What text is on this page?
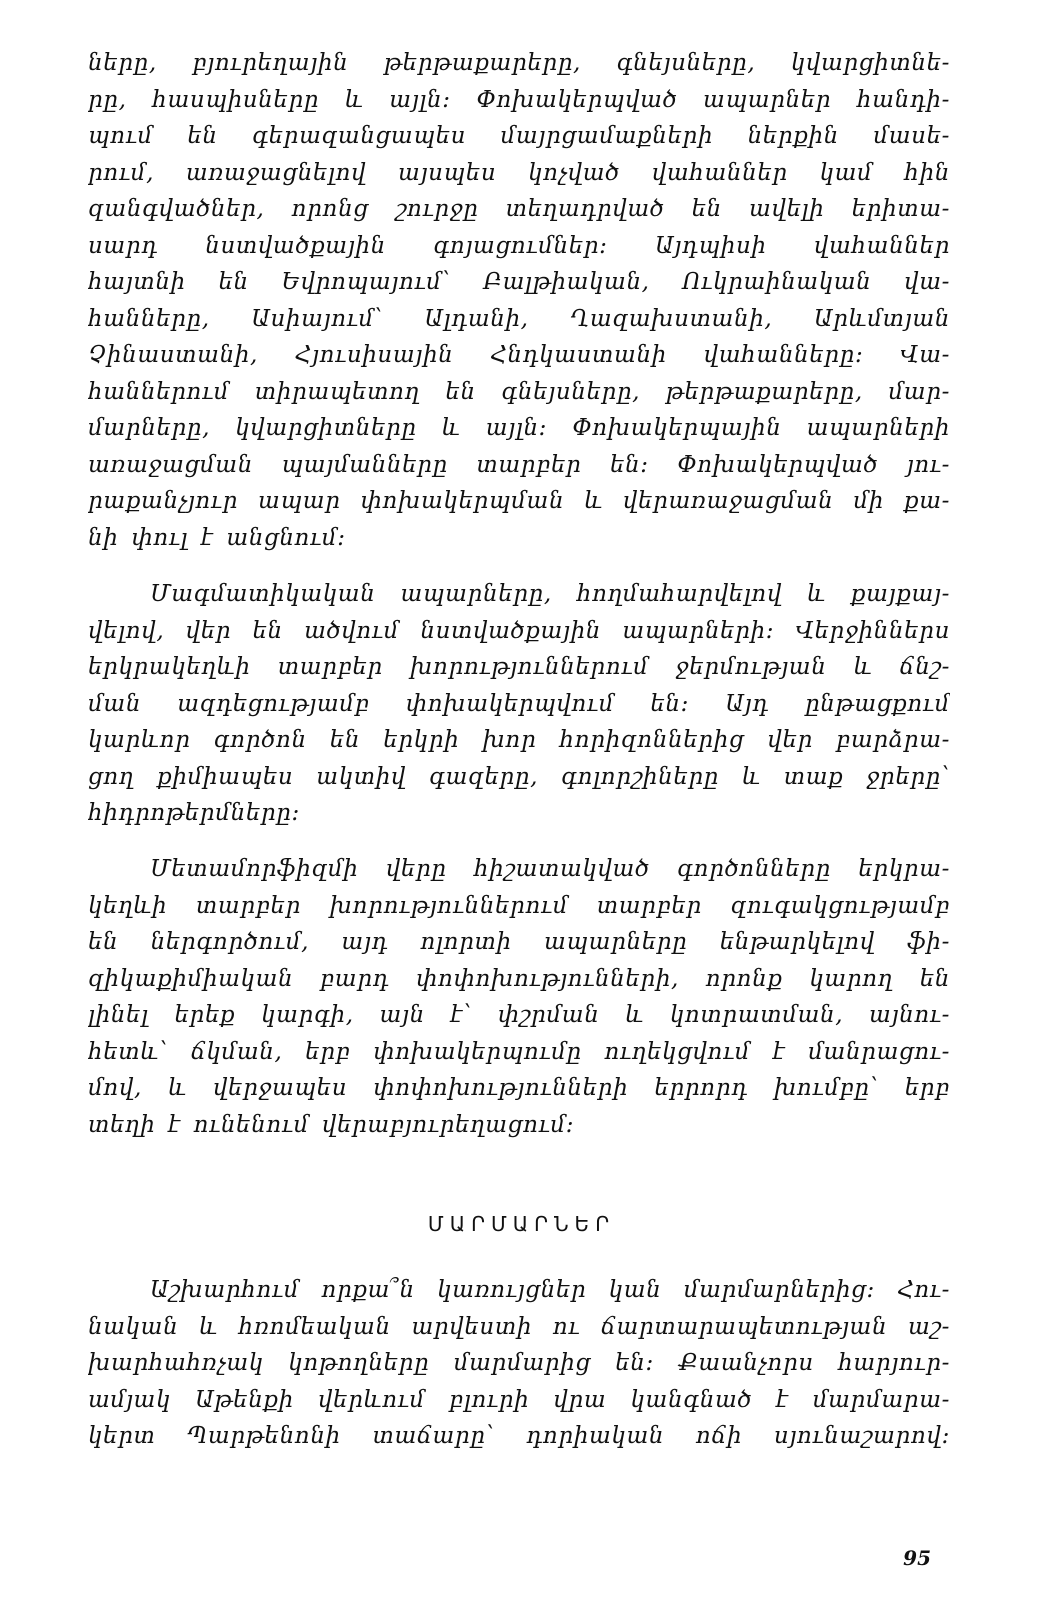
ները, բյուրեղային թերթաքարերը, գնեյսները, կվարցիտնե-
րը, հասպիսները և այլն։ Փոխակերպված ապարներ հանդի-
պում են գերազանցապես մայրցամաքների ներքին մասե-
րում, առաջացնելով այսպես կոչված վահաններ կամ հին
զանգվածներ, որոնց շուրջը տեղադրված են ավելի երիտա-
սարդ նստվածքային գոյացումներ։ Այդպիսի վահաններ
հայտնի են Եվրոպայում՝ Բալթիական, Ուկրաինական վա-
հանները, Ասիայում՝ Ալդանի, Ղազախստանի, Արևմտյան
Չինաստանի, Հյուսիսային Հնդկաստանի վահանները։ Վա-
հաններում տիրապետող են գնեյսները, թերթաքարերը, մար-
մարները, կվարցիտները և այլն։ Փոխակերպային ապարների
առաջացման պայմանները տարբեր են։ Փոխակերպված յու-
րաքանչյուր ապար փոխակերպման և վերառաջացման մի քա-
նի փուլ է անցնում։
Մագմատիկական ապարները, հողմահարվելով և քայքայ-
վելով, վեր են ածվում նստվածքային ապարների։ Վերջիններս
երկրակեղևի տարբեր խորություններում ջերմության և ճնշ-
ման ազդեցությամբ փոխակերպվում են։ Այդ ընթացքում
կարևոր գործոն են երկրի խոր հորիզոններից վեր բարձրա-
ցող քիմիապես ակտիվ գազերը, գոլորշիները և տաք ջրերը՝
հիդրոթերմները։
Մետամորֆիզմի վերը հիշատակված գործոնները երկրա-
կեղևի տարբեր խորություններում տարբեր զուգակցությամբ
են ներգործում, այդ ոլորտի ապարները ենթարկելով ֆի-
զիկաքիմիական բարդ փոփոխությունների, որոնք կարող են
լինել երեք կարգի, այն է՝ փշրման և կոտրատման, այնու-
հետև՝ ճկման, երբ փոխակերպումը ուղեկցվում է մանրացու-
մով, և վերջապես փոփոխությունների երրորդ խումբը՝ երբ
տեղի է ունենում վերաբյուրեղացում։
ՄԱՐՄԱՐՆԵՐ
Աշխարհում որքա՞ն կառույցներ կան մարմարներից։ Հու-
նական և հռոմեական արվեստի ու ճարտարապետության աշ-
խարհահռչակ կոթողները մարմարից են։ Քաանչորս հարյուր-
ամյակ Աթենքի վերևում բլուրի վրա կանգնած է մարմարա-
կերտ Պարթենոնի տաճարը՝ դորիական ոճի սյունաշարով։
95
